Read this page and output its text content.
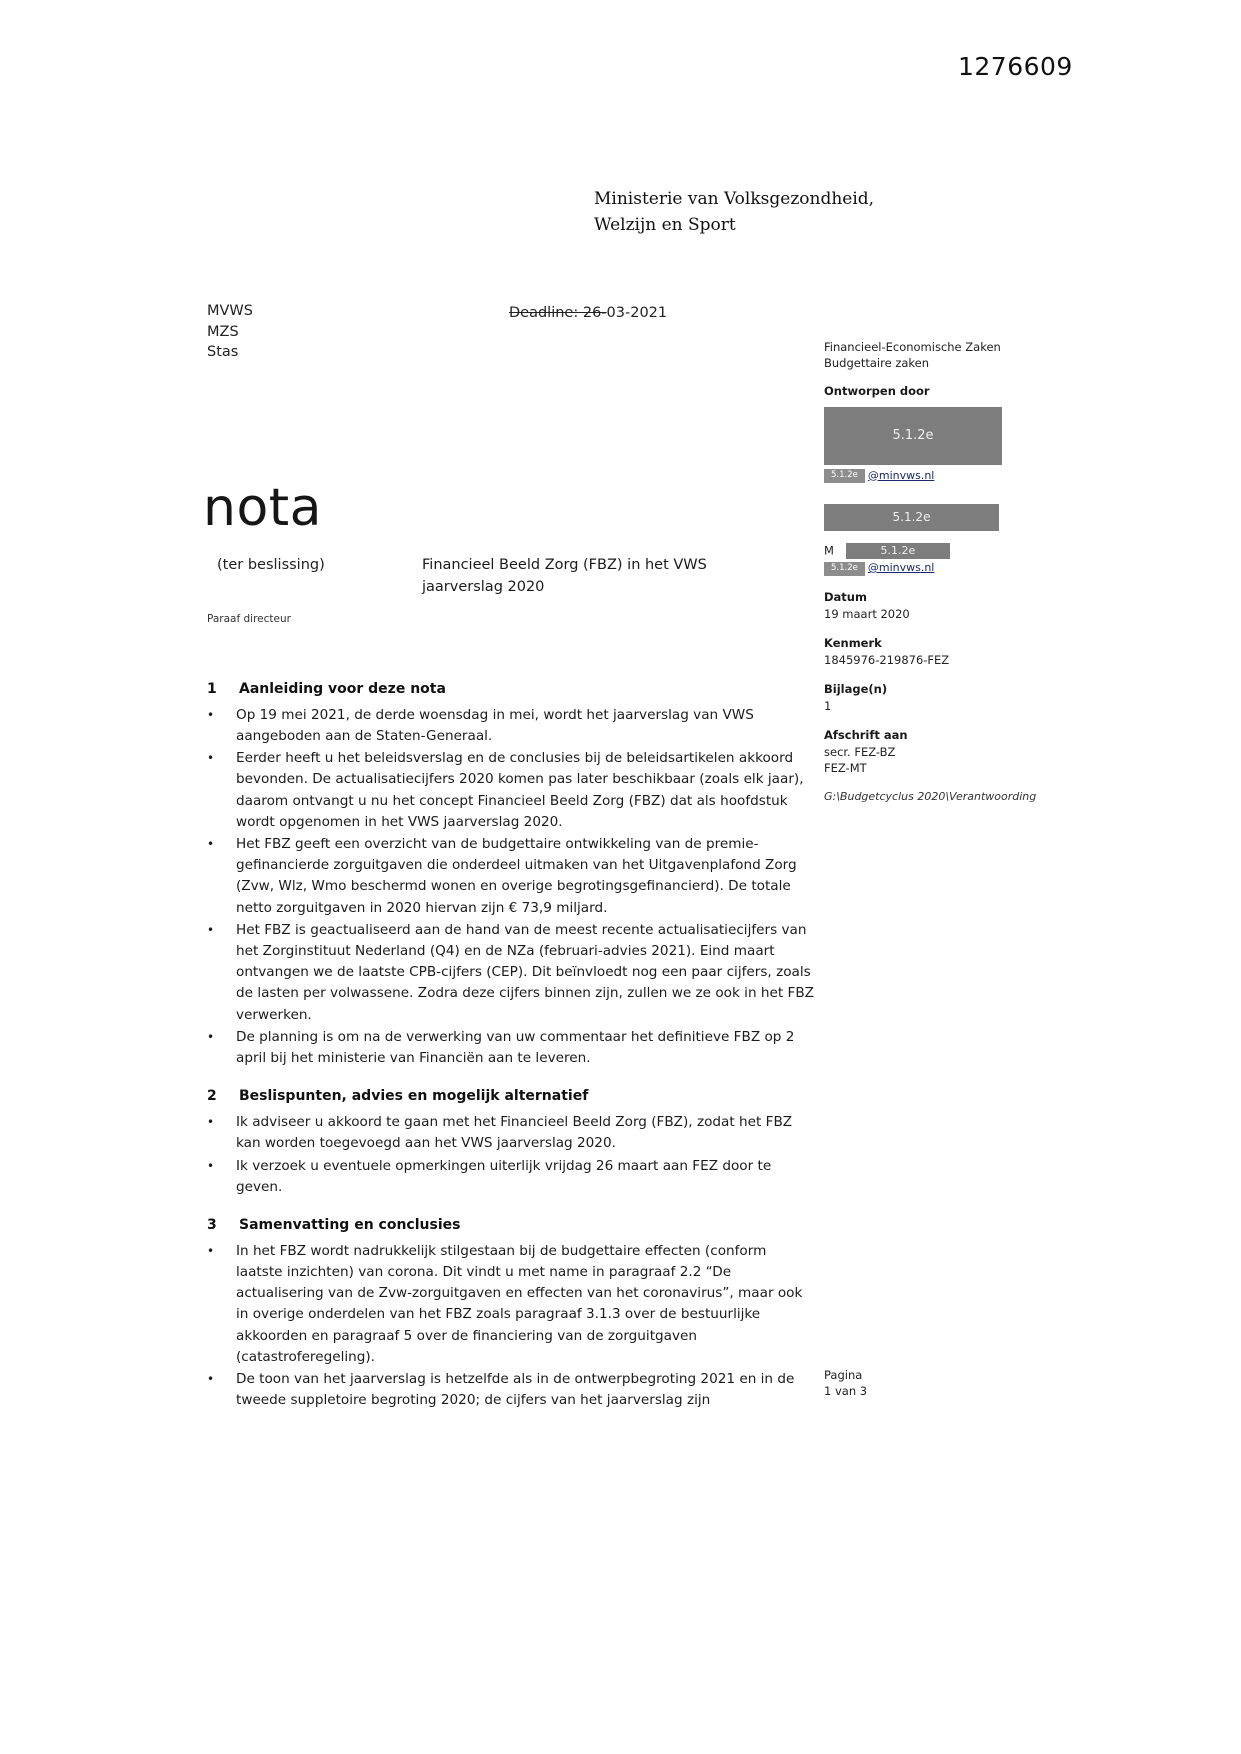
1276609
Ministerie van Volksgezondheid,
Welzijn en Sport
MVWS
MZS
Stas
Deadline: 26-03-2021
Financieel-Economische Zaken
Budgettaire zaken
Ontworpen door
5.1.2e
5.1.2e @minvws.nl
5.1.2e
M	5.1.2e
5.1.2e @minvws.nl
Datum
19 maart 2020
Kenmerk
1845976-219876-FEZ
Bijlage(n)
1
Afschrift aan
secr. FEZ-BZ
FEZ-MT
G:\Budgetcyclus 2020\Verantwoording
nota
(ter beslissing)	Financieel Beeld Zorg (FBZ) in het VWS
jaarverslag 2020
Paraaf directeur
1	Aanleiding voor deze nota
•	Op 19 mei 2021, de derde woensdag in mei, wordt het jaarverslag van VWS aangeboden aan de Staten-Generaal.
•	Eerder heeft u het beleidsverslag en de conclusies bij de beleidsartikelen akkoord bevonden. De actualisatiecijfers 2020 komen pas later beschikbaar (zoals elk jaar), daarom ontvangt u nu het concept Financieel Beeld Zorg (FBZ) dat als hoofdstuk wordt opgenomen in het VWS jaarverslag 2020.
•	Het FBZ geeft een overzicht van de budgettaire ontwikkeling van de premie-gefinancierde zorguitgaven die onderdeel uitmaken van het Uitgavenplafond Zorg (Zvw, Wlz, Wmo beschermd wonen en overige begrotingsgefinancierd). De totale netto zorguitgaven in 2020 hiervan zijn € 73,9 miljard.
•	Het FBZ is geactualiseerd aan de hand van de meest recente actualisatiecijfers van het Zorginstituut Nederland (Q4) en de NZa (februari-advies 2021). Eind maart ontvangen we de laatste CPB-cijfers (CEP). Dit beïnvloedt nog een paar cijfers, zoals de lasten per volwassene. Zodra deze cijfers binnen zijn, zullen we ze ook in het FBZ verwerken.
•	De planning is om na de verwerking van uw commentaar het definitieve FBZ op 2 april bij het ministerie van Financiën aan te leveren.
2	Beslispunten, advies en mogelijk alternatief
•	Ik adviseer u akkoord te gaan met het Financieel Beeld Zorg (FBZ), zodat het FBZ kan worden toegevoegd aan het VWS jaarverslag 2020.
•	Ik verzoek u eventuele opmerkingen uiterlijk vrijdag 26 maart aan FEZ door te geven.
3	Samenvatting en conclusies
•	In het FBZ wordt nadrukkelijk stilgestaan bij de budgettaire effecten (conform laatste inzichten) van corona. Dit vindt u met name in paragraaf 2.2 “De actualisering van de Zvw-zorguitgaven en effecten van het coronavirus”, maar ook in overige onderdelen van het FBZ zoals paragraaf 3.1.3 over de bestuurlijke akkoorden en paragraaf 5 over de financiering van de zorguitgaven (catastroferegeling).
•	De toon van het jaarverslag is hetzelfde als in de ontwerpbegroting 2021 en in de tweede suppletoire begroting 2020; de cijfers van het jaarverslag zijn
Pagina
1 van 3
